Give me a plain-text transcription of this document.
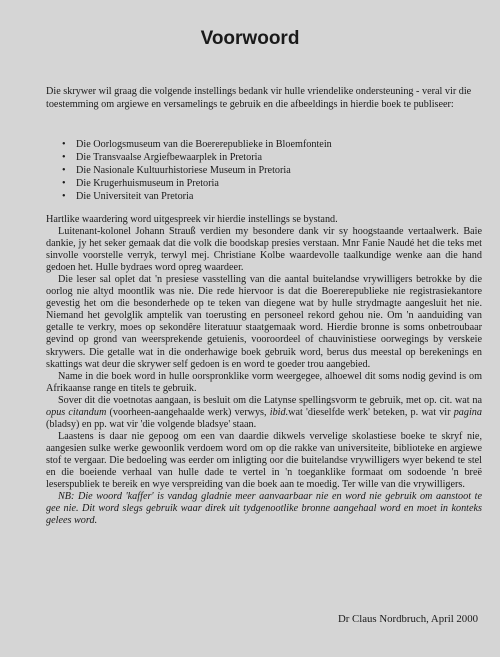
Voorwoord

Die skrywer wil graag die volgende instellings bedank vir hulle vriendelike ondersteuning - veral vir die toestemming om argiewe en versamelings te gebruik en die afbeeldings in hierdie boek te publiseer:

• Die Oorlogsmuseum van die Boererepublieke in Bloemfontein
• Die Transvaalse Argiefbewaarplek in Pretoria
• Die Nasionale Kultuurhistoriese Museum in Pretoria
• Die Krugerhuismuseum in Pretoria
• Die Universiteit van Pretoria

Hartlike waardering word uitgespreek vir hierdie instellings se bystand.

Luitenant-kolonel Johann Strauß verdien my besondere dank vir sy hoogstaande vertaalwerk. Baie dankie, jy het seker gemaak dat die volk die boodskap presies verstaan. Mnr Fanie Naudé het die teks met sinvolle voorstelle verryk, terwyl mej. Christiane Kolbe waardevolle taalkundige wenke aan die hand gedoen het. Hulle bydraes word opreg waardeer.

Die leser sal oplet dat 'n presiese vasstelling van die aantal buitelandse vrywilligers betrokke by die oorlog nie altyd moontlik was nie. Die rede hiervoor is dat die Boererepublieke nie registrasiekantore gevestig het om die besonderhede op te teken van diegene wat by hulle strydmagte aangesluit het nie. Niemand het gevolglik amptelik van toerusting en personeel rekord gehou nie. Om 'n aanduiding van getalle te verkry, moes op sekondêre literatuur staatgemaak word. Hierdie bronne is soms onbetroubaar gevind op grond van weersprekende getuienis, vooroordeel of chauvinistiese oorwegings by verskeie skrywers. Die getalle wat in die onderhawige boek gebruik word, berus dus meestal op berekenings en skattings wat deur die skrywer self gedoen is en word te goeder trou aangebied.

Name in die boek word in hulle oorspronklike vorm weergegee, alhoewel dit soms nodig gevind is om Afrikaanse range en titels te gebruik.

Sover dit die voetnotas aangaan, is besluit om die Latynse spellingsvorm te gebruik, met op. cit. wat na opus citandum (voorheen-aangehaalde werk) verwys, ibid.wat 'dieselfde werk' beteken, p. wat vir pagina (bladsy) en pp. wat vir 'die volgende bladsye' staan.

Laastens is daar nie gepoog om een van daardie dikwels vervelige skolastiese boeke te skryf nie, aangesien sulke werke gewoonlik verdoem word om op die rakke van universiteite, biblioteke en argiewe stof te vergaar. Die bedoeling was eerder om inligting oor die buitelandse vrywilligers wyer bekend te stel en die boeiende verhaal van hulle dade te vertel in 'n toeganklike formaat om sodoende 'n breë leserspubliek te bereik en wye verspreiding van die boek aan te moedig. Ter wille van die vrywilligers.

NB: Die woord 'kaffer' is vandag gladnie meer aanvaarbaar nie en word nie gebruik om aanstoot te gee nie. Dit word slegs gebruik waar direk uit tydgenootlike bronne aangehaal word en moet in konteks gelees word.

Dr Claus Nordbruch, April 2000
